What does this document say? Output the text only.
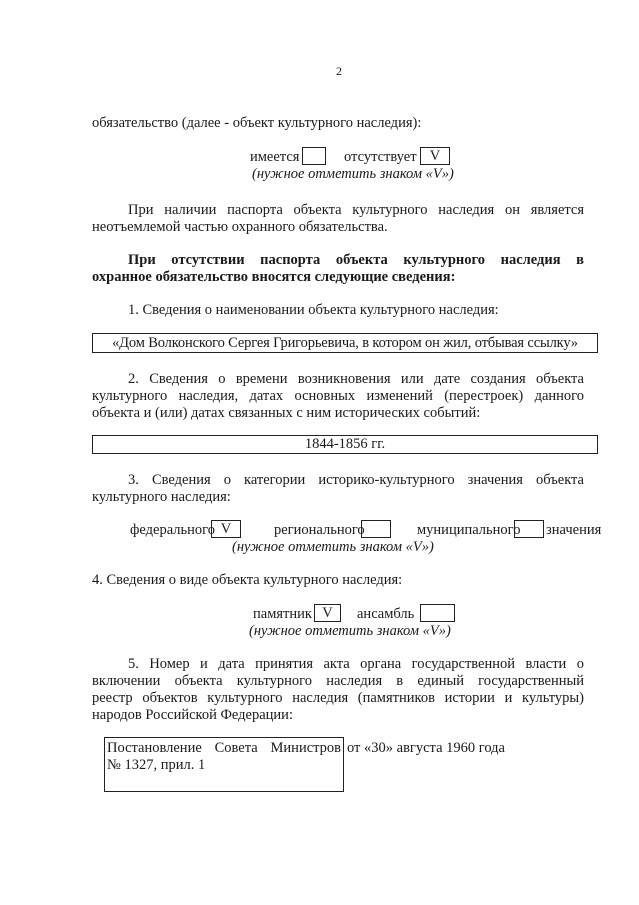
2
обязательство (далее - объект культурного наследия):
имеется	отсутствует V
(нужное отметить знаком «V»)
При наличии паспорта объекта культурного наследия он является
неотъемлемой частью охранного обязательства.
При отсутствии паспорта объекта культурного наследия в
охранное обязательство вносятся следующие сведения:
1. Сведения о наименовании объекта культурного наследия:
«Дом Волконского Сергея Григорьевича, в котором он жил, отбывая ссылку»
2. Сведения о времени возникновения или дате создания объекта
культурного наследия, датах основных изменений (перестроек) данного
объекта и (или) датах связанных с ним исторических событий:
1844-1856 гг.
3. Сведения о категории историко-культурного значения объекта
культурного наследия:
федерального V	регионального	муниципального значения
(нужное отметить знаком «V»)
4. Сведения о виде объекта культурного наследия:
памятник V	ансамбль
(нужное отметить знаком «V»)
5. Номер и дата принятия акта органа государственной власти о
включении объекта культурного наследия в единый государственный
реестр объектов культурного наследия (памятников истории и культуры)
народов Российской Федерации:
Постановление Совета Министров
№ 1327, прил. 1
от «30» августа 1960 года
